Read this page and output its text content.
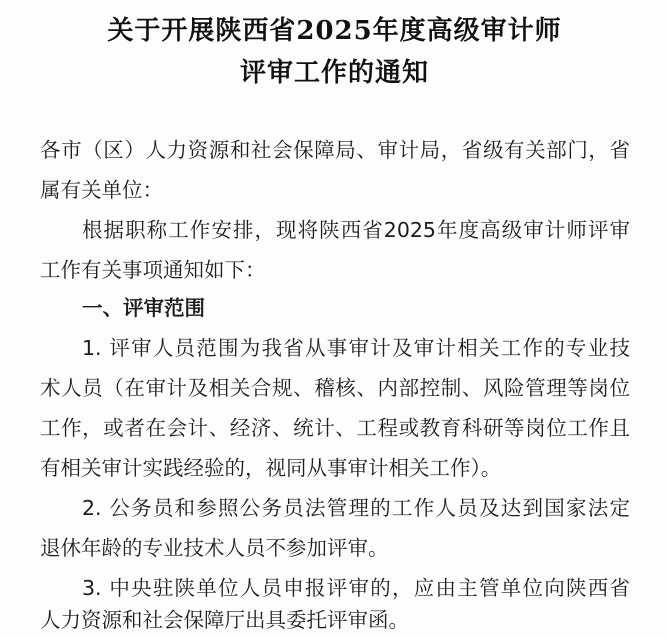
关于开展陕西省2025年度高级审计师
评审工作的通知
各市（区）人力资源和社会保障局、审计局，省级有关部门，省
属有关单位：
根据职称工作安排，现将陕西省2025年度高级审计师评审
工作有关事项通知如下：
一、评审范围
1. 评审人员范围为我省从事审计及审计相关工作的专业技
术人员（在审计及相关合规、稽核、内部控制、风险管理等岗位
工作，或者在会计、经济、统计、工程或教育科研等岗位工作且
有相关审计实践经验的，视同从事审计相关工作）。
2. 公务员和参照公务员法管理的工作人员及达到国家法定
退休年龄的专业技术人员不参加评审。
3. 中央驻陕单位人员申报评审的，应由主管单位向陕西省
人力资源和社会保障厅出具委托评审函。
